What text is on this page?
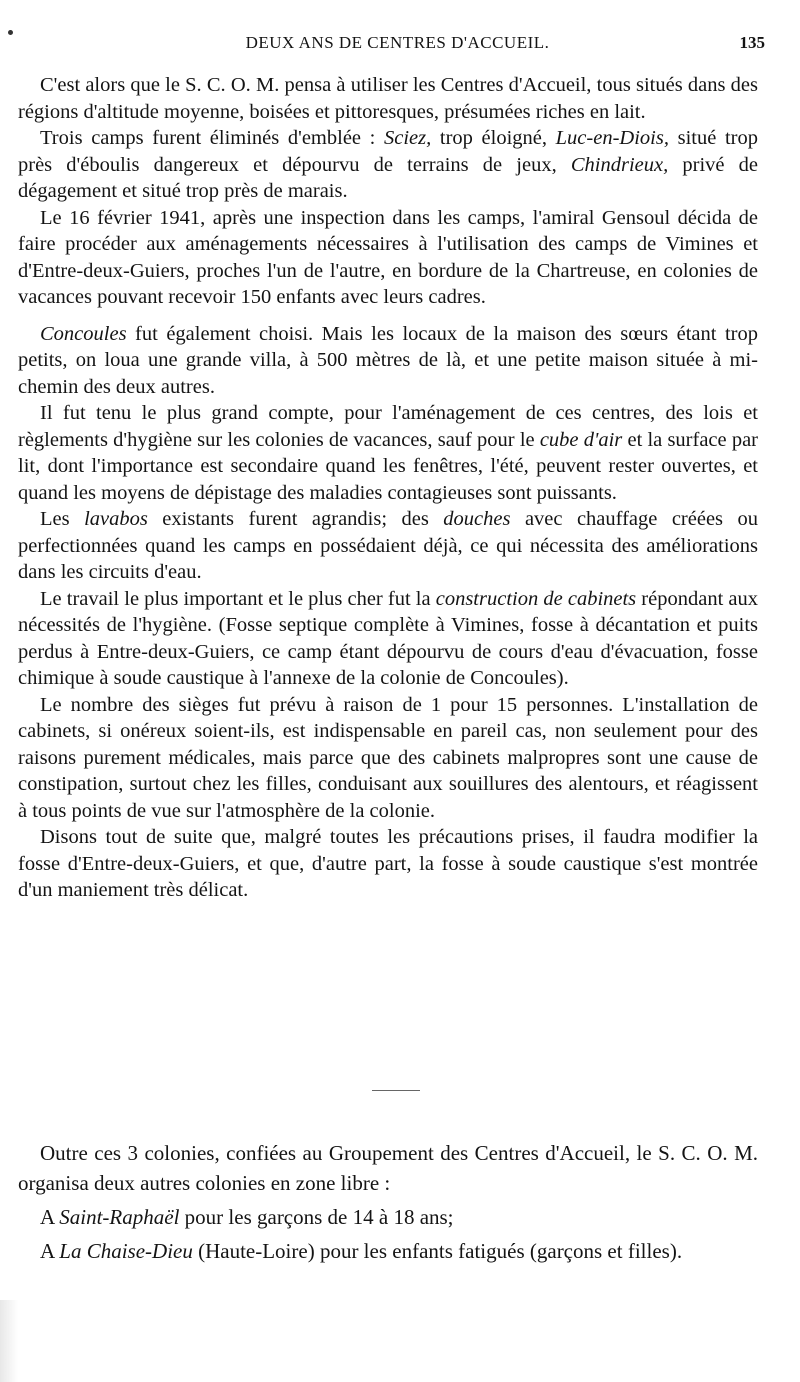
DEUX ANS DE CENTRES D'ACCUEIL.	135

C'est alors que le S. C. O. M. pensa à utiliser les Centres d'Accueil, tous situés dans des régions d'altitude moyenne, boisées et pittoresques, présumées riches en lait.

Trois camps furent éliminés d'emblée : Sciez, trop éloigné, Luc-en-Diois, situé trop près d'éboulis dangereux et dépourvu de terrains de jeux, Chindrieux, privé de dégagement et situé trop près de marais.

Le 16 février 1941, après une inspection dans les camps, l'amiral Gensoul décida de faire procéder aux aménagements nécessaires à l'utilisation des camps de Vimines et d'Entre-deux-Guiers, proches l'un de l'autre, en bordure de la Chartreuse, en colonies de vacances pouvant recevoir 150 enfants avec leurs cadres.

Concoules fut également choisi. Mais les locaux de la maison des sœurs étant trop petits, on loua une grande villa, à 500 mètres de là, et une petite maison située à mi-chemin des deux autres.

Il fut tenu le plus grand compte, pour l'aménagement de ces centres, des lois et règlements d'hygiène sur les colonies de vacances, sauf pour le cube d'air et la surface par lit, dont l'importance est secondaire quand les fenêtres, l'été, peuvent rester ouvertes, et quand les moyens de dépistage des maladies contagieuses sont puissants.

Les lavabos existants furent agrandis; des douches avec chauffage créées ou perfectionnées quand les camps en possédaient déjà, ce qui nécessita des améliorations dans les circuits d'eau.

Le travail le plus important et le plus cher fut la construction de cabinets répondant aux nécessités de l'hygiène. (Fosse septique complète à Vimines, fosse à décantation et puits perdus à Entre-deux-Guiers, ce camp étant dépourvu de cours d'eau d'évacuation, fosse chimique à soude caustique à l'annexe de la colonie de Concoules).

Le nombre des sièges fut prévu à raison de 1 pour 15 personnes. L'installation de cabinets, si onéreux soient-ils, est indispensable en pareil cas, non seulement pour des raisons purement médicales, mais parce que des cabinets malpropres sont une cause de constipation, surtout chez les filles, conduisant aux souillures des alentours, et réagissent à tous points de vue sur l'atmosphère de la colonie.

Disons tout de suite que, malgré toutes les précautions prises, il faudra modifier la fosse d'Entre-deux-Guiers, et que, d'autre part, la fosse à soude caustique s'est montrée d'un maniement très délicat.

Outre ces 3 colonies, confiées au Groupement des Centres d'Accueil, le S. C. O. M. organisa deux autres colonies en zone libre :

A Saint-Raphaël pour les garçons de 14 à 18 ans;

A La Chaise-Dieu (Haute-Loire) pour les enfants fatigués (garçons et filles).
